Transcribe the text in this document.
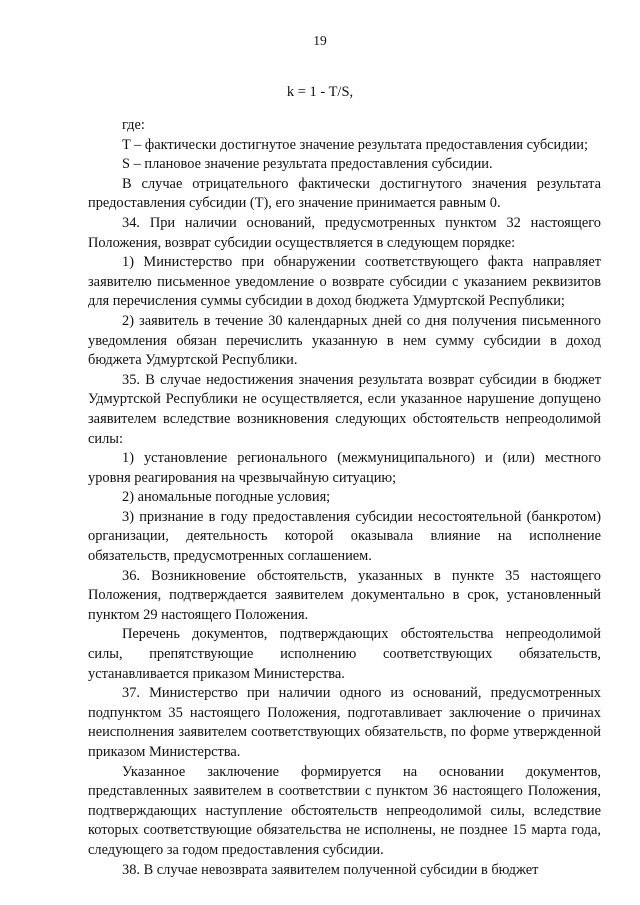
19
k = 1 - T/S,

где:

T – фактически достигнутое значение результата предоставления субсидии;

S – плановое значение результата предоставления субсидии.

В случае отрицательного фактически достигнутого значения результата предоставления субсидии (T), его значение принимается равным 0.

34. При наличии оснований, предусмотренных пунктом 32 настоящего Положения, возврат субсидии осуществляется в следующем порядке:

1) Министерство при обнаружении соответствующего факта направляет заявителю письменное уведомление о возврате субсидии с указанием реквизитов для перечисления суммы субсидии в доход бюджета Удмуртской Республики;

2) заявитель в течение 30 календарных дней со дня получения письменного уведомления обязан перечислить указанную в нем сумму субсидии в доход бюджета Удмуртской Республики.

35. В случае недостижения значения результата возврат субсидии в бюджет Удмуртской Республики не осуществляется, если указанное нарушение допущено заявителем вследствие возникновения следующих обстоятельств непреодолимой силы:

1) установление регионального (межмуниципального) и (или) местного уровня реагирования на чрезвычайную ситуацию;

2) аномальные погодные условия;

3) признание в году предоставления субсидии несостоятельной (банкротом) организации, деятельность которой оказывала влияние на исполнение обязательств, предусмотренных соглашением.

36. Возникновение обстоятельств, указанных в пункте 35 настоящего Положения, подтверждается заявителем документально в срок, установленный пунктом 29 настоящего Положения.

Перечень документов, подтверждающих обстоятельства непреодолимой силы, препятствующие исполнению соответствующих обязательств, устанавливается приказом Министерства.

37. Министерство при наличии одного из оснований, предусмотренных подпунктом 35 настоящего Положения, подготавливает заключение о причинах неисполнения заявителем соответствующих обязательств, по форме утвержденной приказом Министерства.

Указанное заключение формируется на основании документов, представленных заявителем в соответствии с пунктом 36 настоящего Положения, подтверждающих наступление обстоятельств непреодолимой силы, вследствие которых соответствующие обязательства не исполнены, не позднее 15 марта года, следующего за годом предоставления субсидии.

38. В случае невозврата заявителем полученной субсидии в бюджет
